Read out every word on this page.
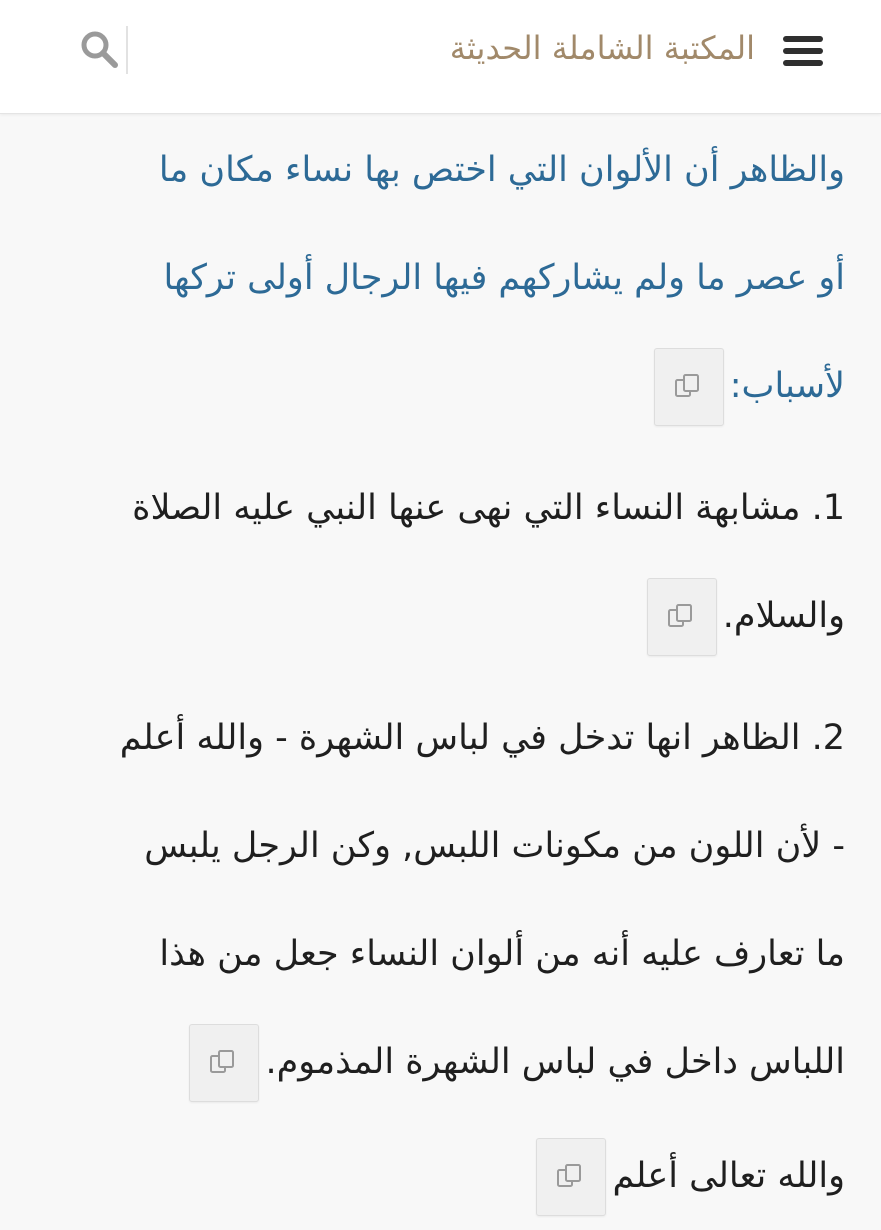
المكتبة الشاملة الحديثة

والظاهر أن الألوان التي اختص بها نساء مكان ما
أو عصر ما ولم يشاركهم فيها الرجال أولى تركها
لأسباب:

1. مشابهة النساء التي نهى عنها النبي عليه الصلاة
والسلام.

2. الظاهر انها تدخل في لباس الشهرة - والله أعلم
- لأن اللون من مكونات اللبس, وكن الرجل يلبس
ما تعارف عليه أنه من ألوان النساء جعل من هذا
اللباس داخل في لباس الشهرة المذموم.

والله تعالى أعلم
